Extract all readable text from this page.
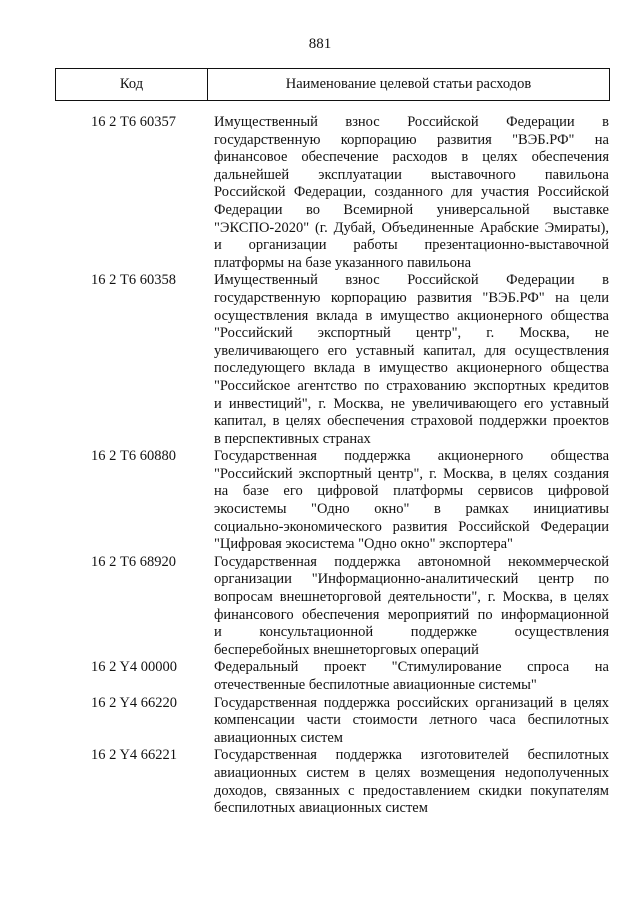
881
Код	Наименование целевой статьи расходов
16 2 Т6 60357	Имущественный взнос Российской Федерации в
государственную корпорацию развития "ВЭБ.РФ" на
финансовое обеспечение расходов в целях обеспечения
дальнейшей эксплуатации выставочного павильона
Российской Федерации, созданного для участия Российской
Федерации во Всемирной универсальной выставке
"ЭКСПО-2020" (г. Дубай, Объединенные Арабские Эмираты),
и организации работы презентационно-выставочной
платформы на базе указанного павильона
16 2 Т6 60358	Имущественный взнос Российской Федерации в
государственную корпорацию развития "ВЭБ.РФ" на цели
осуществления вклада в имущество акционерного общества
"Российский экспортный центр", г. Москва, не
увеличивающего его уставный капитал, для осуществления
последующего вклада в имущество акционерного общества
"Российское агентство по страхованию экспортных кредитов
и инвестиций", г. Москва, не увеличивающего его уставный
капитал, в целях обеспечения страховой поддержки проектов
в перспективных странах
16 2 Т6 60880	Государственная поддержка акционерного общества
"Российский экспортный центр", г. Москва, в целях создания
на базе его цифровой платформы сервисов цифровой
экосистемы "Одно окно" в рамках инициативы
социально-экономического развития Российской Федерации
"Цифровая экосистема "Одно окно" экспортера"
16 2 Т6 68920	Государственная поддержка автономной некоммерческой
организации "Информационно-аналитический центр по
вопросам внешнеторговой деятельности", г. Москва, в целях
финансового обеспечения мероприятий по информационной
и консультационной поддержке осуществления
бесперебойных внешнеторговых операций
16 2 Y4 00000	Федеральный проект "Стимулирование спроса на
отечественные беспилотные авиационные системы"
16 2 Y4 66220	Государственная поддержка российских организаций в целях
компенсации части стоимости летного часа беспилотных
авиационных систем
16 2 Y4 66221	Государственная поддержка изготовителей беспилотных
авиационных систем в целях возмещения недополученных
доходов, связанных с предоставлением скидки покупателям
беспилотных авиационных систем
